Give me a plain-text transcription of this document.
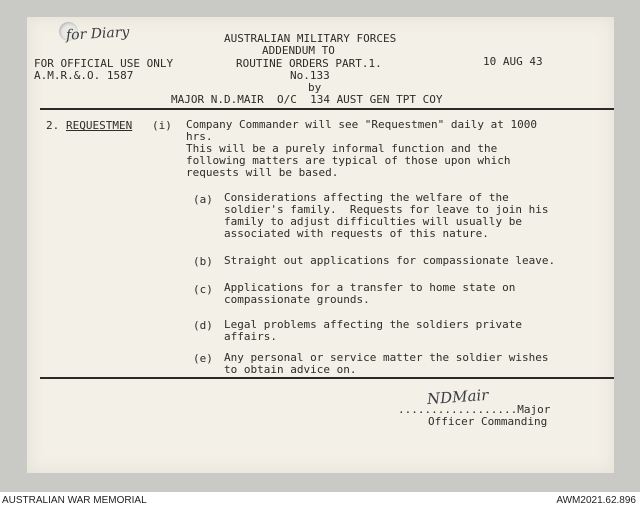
for Diary	AUSTRALIAN MILITARY FORCES
ADDENDUM TO
FOR OFFICIAL USE ONLY	ROUTINE ORDERS PART.1.	10 AUG 43
A.M.R.&.O. 1587	No.133
by
MAJOR N.D.MAIR  O/C  134 AUST GEN TPT COY
2. REQUESTMEN (i) Company Commander will see "Requestmen" daily at 1000
hrs.
This will be a purely informal function and the
following matters are typical of those upon which
requests will be based.
(a) Considerations affecting the welfare of the
soldier's family.  Requests for leave to join his
family to adjust difficulties will usually be
associated with requests of this nature.
(b) Straight out applications for compassionate leave.
(c) Applications for a transfer to home state on
compassionate grounds.
(d) Legal problems affecting the soldiers private
affairs.
(e) Any personal or service matter the soldier wishes
to obtain advice on.
NDMair
..................Major
Officer Commanding
AUSTRALIAN WAR MEMORIAL	AWM2021.62.896
